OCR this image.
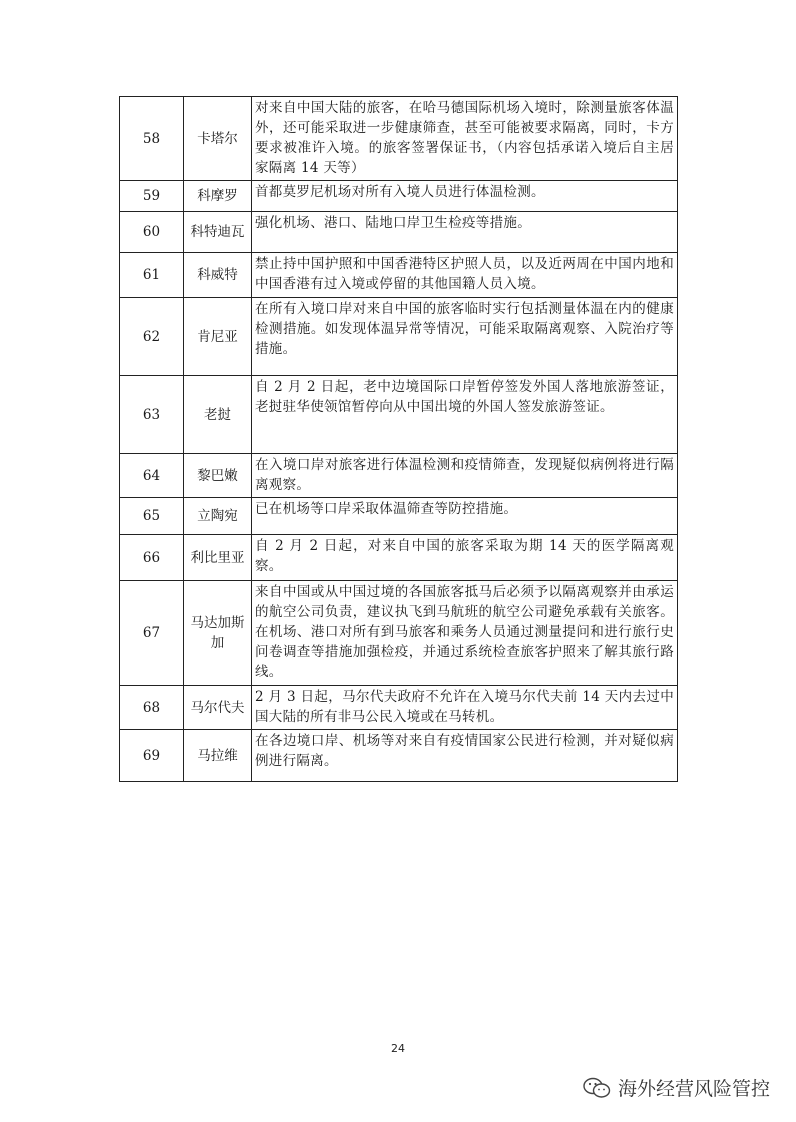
58	卡塔尔	对来自中国大陆的旅客，在哈马德国际机场入境时，除测量旅客体温外，还可能采取进一步健康筛查，甚至可能被要求隔离，同时，卡方要求被准许入境。的旅客签署保证书，（内容包括承诺入境后自主居家隔离 14 天等）
59	科摩罗	首都莫罗尼机场对所有入境人员进行体温检测。
60	科特迪瓦	强化机场、港口、陆地口岸卫生检疫等措施。
61	科威特	禁止持中国护照和中国香港特区护照人员，以及近两周在中国内地和中国香港有过入境或停留的其他国籍人员入境。
62	肯尼亚	在所有入境口岸对来自中国的旅客临时实行包括测量体温在内的健康检测措施。如发现体温异常等情况，可能采取隔离观察、入院治疗等措施。
63	老挝	自 2 月 2 日起，老中边境国际口岸暂停签发外国人落地旅游签证，老挝驻华使领馆暂停向从中国出境的外国人签发旅游签证。
64	黎巴嫩	在入境口岸对旅客进行体温检测和疫情筛查，发现疑似病例将进行隔离观察。
65	立陶宛	已在机场等口岸采取体温筛查等防控措施。
66	利比里亚	自 2 月 2 日起，对来自中国的旅客采取为期 14 天的医学隔离观察。
67	马达加斯加	来自中国或从中国过境的各国旅客抵马后必须予以隔离观察并由承运的航空公司负责，建议执飞到马航班的航空公司避免承载有关旅客。在机场、港口对所有到马旅客和乘务人员通过测量提问和进行旅行史问卷调查等措施加强检疫，并通过系统检查旅客护照来了解其旅行路线。
68	马尔代夫	2 月 3 日起，马尔代夫政府不允许在入境马尔代夫前 14 天内去过中国大陆的所有非马公民入境或在马转机。
69	马拉维	在各边境口岸、机场等对来自有疫情国家公民进行检测，并对疑似病例进行隔离。
24
海外经营风险管控
